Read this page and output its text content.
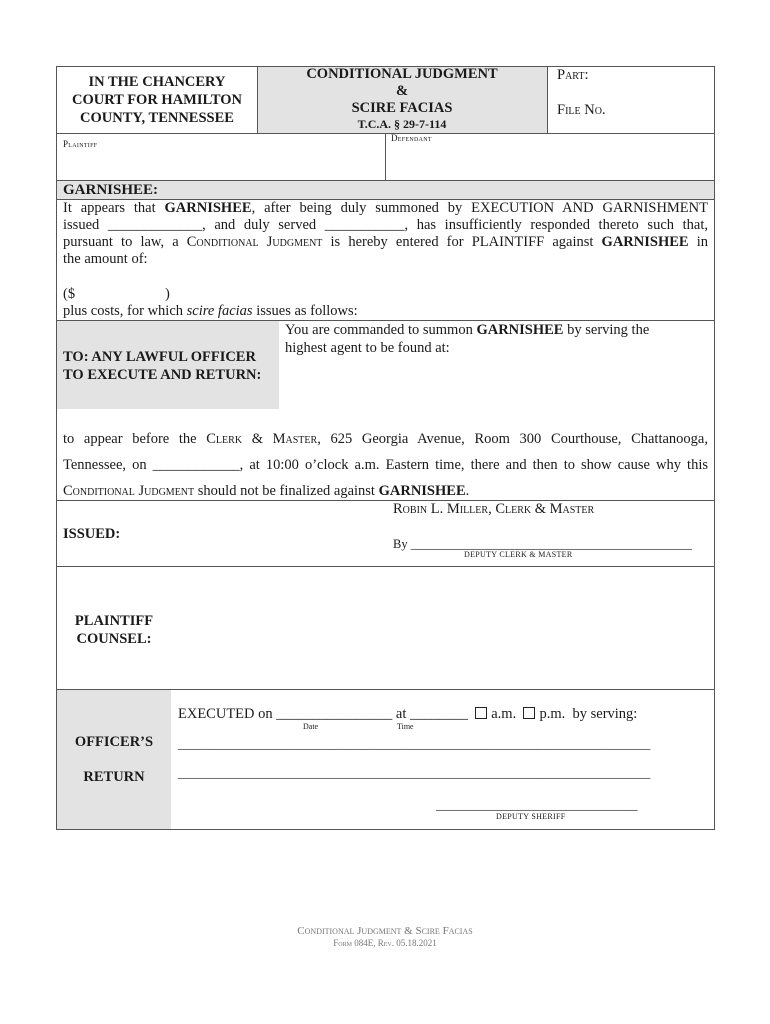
IN THE CHANCERY
COURT FOR HAMILTON
COUNTY, TENNESSEE
CONDITIONAL JUDGMENT
&
SCIRE FACIAS
T.C.A. § 29-7-114
Part:
File No.
Plaintiff
Defendant
GARNISHEE:
It appears that GARNISHEE, after being duly summoned by EXECUTION AND GARNISHMENT
issued _____________, and duly served ___________, has insufficiently responded thereto such that,
pursuant to law, a Conditional Judgment is hereby entered for PLAINTIFF against GARNISHEE in
the amount of:
($	)
plus costs, for which scire facias issues as follows:
TO: ANY LAWFUL OFFICER
TO EXECUTE AND RETURN:
You are commanded to summon GARNISHEE by serving the
highest agent to be found at:
to appear before the Clerk & Master, 625 Georgia Avenue, Room 300 Courthouse, Chattanooga,
Tennessee, on ____________, at 10:00 o’clock a.m. Eastern time, there and then to show cause why this
Conditional Judgment should not be finalized against GARNISHEE.
Robin L. Miller, Clerk & Master
ISSUED:
By _____________________________________________
DEPUTY CLERK & MASTER
PLAINTIFF
COUNSEL:
OFFICER’S
RETURN
EXECUTED on ________________ at ________ a.m. p.m. by serving:
Date	Time
___________________________________________________________________________
___________________________________________________________________________
________________________________
DEPUTY SHERIFF
Conditional Judgment & Scire Facias
Form 084E, Rev. 05.18.2021
